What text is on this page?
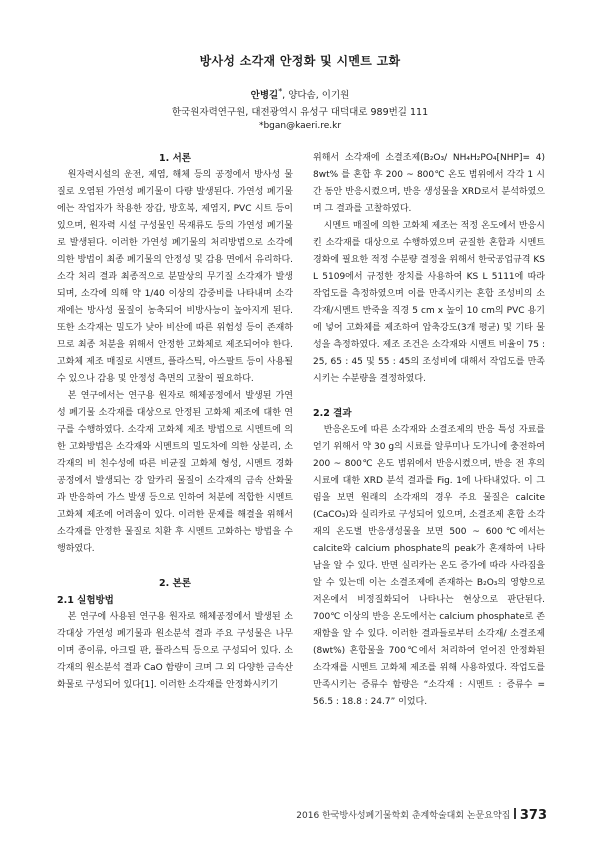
방사성 소각재 안정화 및 시멘트 고화
안병길*, 양다솜, 이기원
한국원자력연구원, 대전광역시 유성구 대덕대로 989번길 111
*bgan@kaeri.re.kr

1. 서론

원자력시설의 운전, 제염, 해체 등의 공정에서 방사성 물질로 오염된 가연성 폐기물이 다량 발생된다. 가연성 폐기물에는 작업자가 착용한 장갑, 방호복, 제염지, PVC 시트 등이 있으며, 원자력 시설 구성물인 목재류도 등의 가연성 폐기물로 발생된다. 이러한 가연성 폐기물의 처리방법으로 소각에 의한 방법이 최종 폐기물의 안정성 및 감용 면에서 유리하다. 소각 처리 결과 최종적으로 분말상의 무기질 소각재가 발생되며, 소각에 의해 약 1/40 이상의 감중비를 나타내며 소각재에는 방사성 물질이 농축되어 비방사능이 높아지게 된다. 또한 소각재는 밀도가 낮아 비산에 따른 위험성 등이 존재하므로 최종 처분을 위해서 안정한 고화체로 제조되어야 한다. 고화체 제조 매질로 시멘트, 플라스틱, 아스팔트 등이 사용될 수 있으나 감용 및 안정성 측면의 고찰이 필요하다.

본 연구에서는 연구용 원자로 해체공정에서 발생된 가연성 폐기물 소각재를 대상으로 안정된 고화체 제조에 대한 연구를 수행하였다. 소각재 고화체 제조 방법으로 시멘트에 의한 고화방법은 소각재와 시멘트의 밀도차에 의한 상분리, 소각재의 비 친수성에 따른 비균질 고화체 형성, 시멘트 경화 공정에서 발생되는 강 알카리 물질이 소각재의 금속 산화물과 반응하여 가스 발생 등으로 인하여 처분에 적합한 시멘트 고화체 제조에 어려움이 있다. 이러한 문제를 해결을 위해서 소각재를 안정한 물질로 치환 후 시멘트 고화하는 방법을 수행하였다.

2. 본론

2.1 실험방법

본 연구에 사용된 연구용 원자로 해체공정에서 발생된 소각대상 가연성 폐기물과 원소분석 결과 주요 구성물은 나무이며 종이류, 아크릴 판, 플라스틱 등으로 구성되어 있다. 소각재의 원소분석 결과 CaO 함량이 크며 그 외 다양한 금속산화물로 구성되어 있다[1]. 이러한 소각재를 안정화시키기

위해서 소각재에 소결조제(B₂O₃/ NH₄H₂PO₄[NHP]= 4) 8wt% 를 혼합 후 200 ~ 800℃ 온도 범위에서 각각 1 시간 동안 반응시켰으며, 반응 생성물을 XRD로서 분석하였으며 그 결과를 고찰하였다.

시멘트 매질에 의한 고화체 제조는 적정 온도에서 반응시킨 소각재를 대상으로 수행하였으며 균질한 혼합과 시멘트 경화에 필요한 적정 수분량 결정을 위해서 한국공업규격 KS L 5109에서 규정한 장치를 사용하여 KS L 5111에 따라 작업도를 측정하였으며 이를 만족시키는 혼합 조성비의 소각재/시멘트 반죽을 직경 5 cm x 높이 10 cm의 PVC 용기에 넣어 고화체를 제조하여 압축강도(3개 평균) 및 기타 물성을 측정하였다. 제조 조건은 소각재와 시멘트 비율이 75 : 25, 65 : 45 및 55 : 45의 조성비에 대해서 작업도를 만족시키는 수분량을 결정하였다.

2.2 결과

반응온도에 따른 소각재와 소결조제의 반응 특성 자료를 얻기 위해서 약 30 g의 시료를 알루미나 도가니에 충전하여 200 ~ 800℃ 온도 범위에서 반응시켰으며, 반응 전 후의 시료에 대한 XRD 분석 결과를 Fig. 1에 나타내었다. 이 그림을 보면 원래의 소각재의 경우 주요 물질은 calcite (CaCO₃)와 실리카로 구성되어 있으며, 소결조제 혼합 소각재의 온도별 반응생성물을 보면 500 ~ 600℃에서는 calcite와 calcium phosphate의 peak가 혼재하여 나타남을 알 수 있다. 반면 실리카는 온도 증가에 따라 사라짐을 알 수 있는데 이는 소결조제에 존재하는 B₂O₃의 영향으로 저온에서 비정질화되어 나타나는 현상으로 판단된다. 700℃ 이상의 반응 온도에서는 calcium phosphate로 존재함을 알 수 있다. 이러한 결과들로부터 소각재/ 소결조제 (8wt%) 혼합물을 700℃에서 처리하여 얻어진 안정화된 소각재를 시멘트 고화체 제조를 위해 사용하였다. 작업도를 만족시키는 증류수 함량은 “소각재 : 시멘트 : 증류수 = 56.5 : 18.8 : 24.7” 이었다.

2016 한국방사성폐기물학회 춘계학술대회 논문요약집 373
